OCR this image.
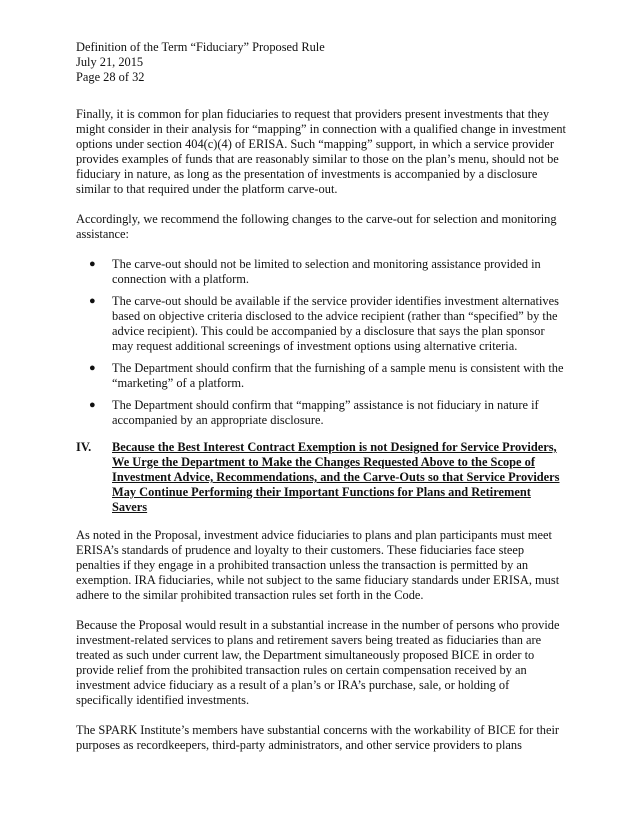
Definition of the Term “Fiduciary” Proposed Rule
July 21, 2015
Page 28 of 32

Finally, it is common for plan fiduciaries to request that providers present investments that they might consider in their analysis for “mapping” in connection with a qualified change in investment options under section 404(c)(4) of ERISA. Such “mapping” support, in which a service provider provides examples of funds that are reasonably similar to those on the plan’s menu, should not be fiduciary in nature, as long as the presentation of investments is accompanied by a disclosure similar to that required under the platform carve-out.

Accordingly, we recommend the following changes to the carve-out for selection and monitoring assistance:

● The carve-out should not be limited to selection and monitoring assistance provided in connection with a platform.
● The carve-out should be available if the service provider identifies investment alternatives based on objective criteria disclosed to the advice recipient (rather than “specified” by the advice recipient). This could be accompanied by a disclosure that says the plan sponsor may request additional screenings of investment options using alternative criteria.
● The Department should confirm that the furnishing of a sample menu is consistent with the “marketing” of a platform.
● The Department should confirm that “mapping” assistance is not fiduciary in nature if accompanied by an appropriate disclosure.
IV. Because the Best Interest Contract Exemption is not Designed for Service Providers, We Urge the Department to Make the Changes Requested Above to the Scope of Investment Advice, Recommendations, and the Carve-Outs so that Service Providers May Continue Performing their Important Functions for Plans and Retirement Savers

As noted in the Proposal, investment advice fiduciaries to plans and plan participants must meet ERISA’s standards of prudence and loyalty to their customers. These fiduciaries face steep penalties if they engage in a prohibited transaction unless the transaction is permitted by an exemption. IRA fiduciaries, while not subject to the same fiduciary standards under ERISA, must adhere to the similar prohibited transaction rules set forth in the Code.

Because the Proposal would result in a substantial increase in the number of persons who provide investment-related services to plans and retirement savers being treated as fiduciaries than are treated as such under current law, the Department simultaneously proposed BICE in order to provide relief from the prohibited transaction rules on certain compensation received by an investment advice fiduciary as a result of a plan’s or IRA’s purchase, sale, or holding of specifically identified investments.

The SPARK Institute’s members have substantial concerns with the workability of BICE for their purposes as recordkeepers, third-party administrators, and other service providers to plans
